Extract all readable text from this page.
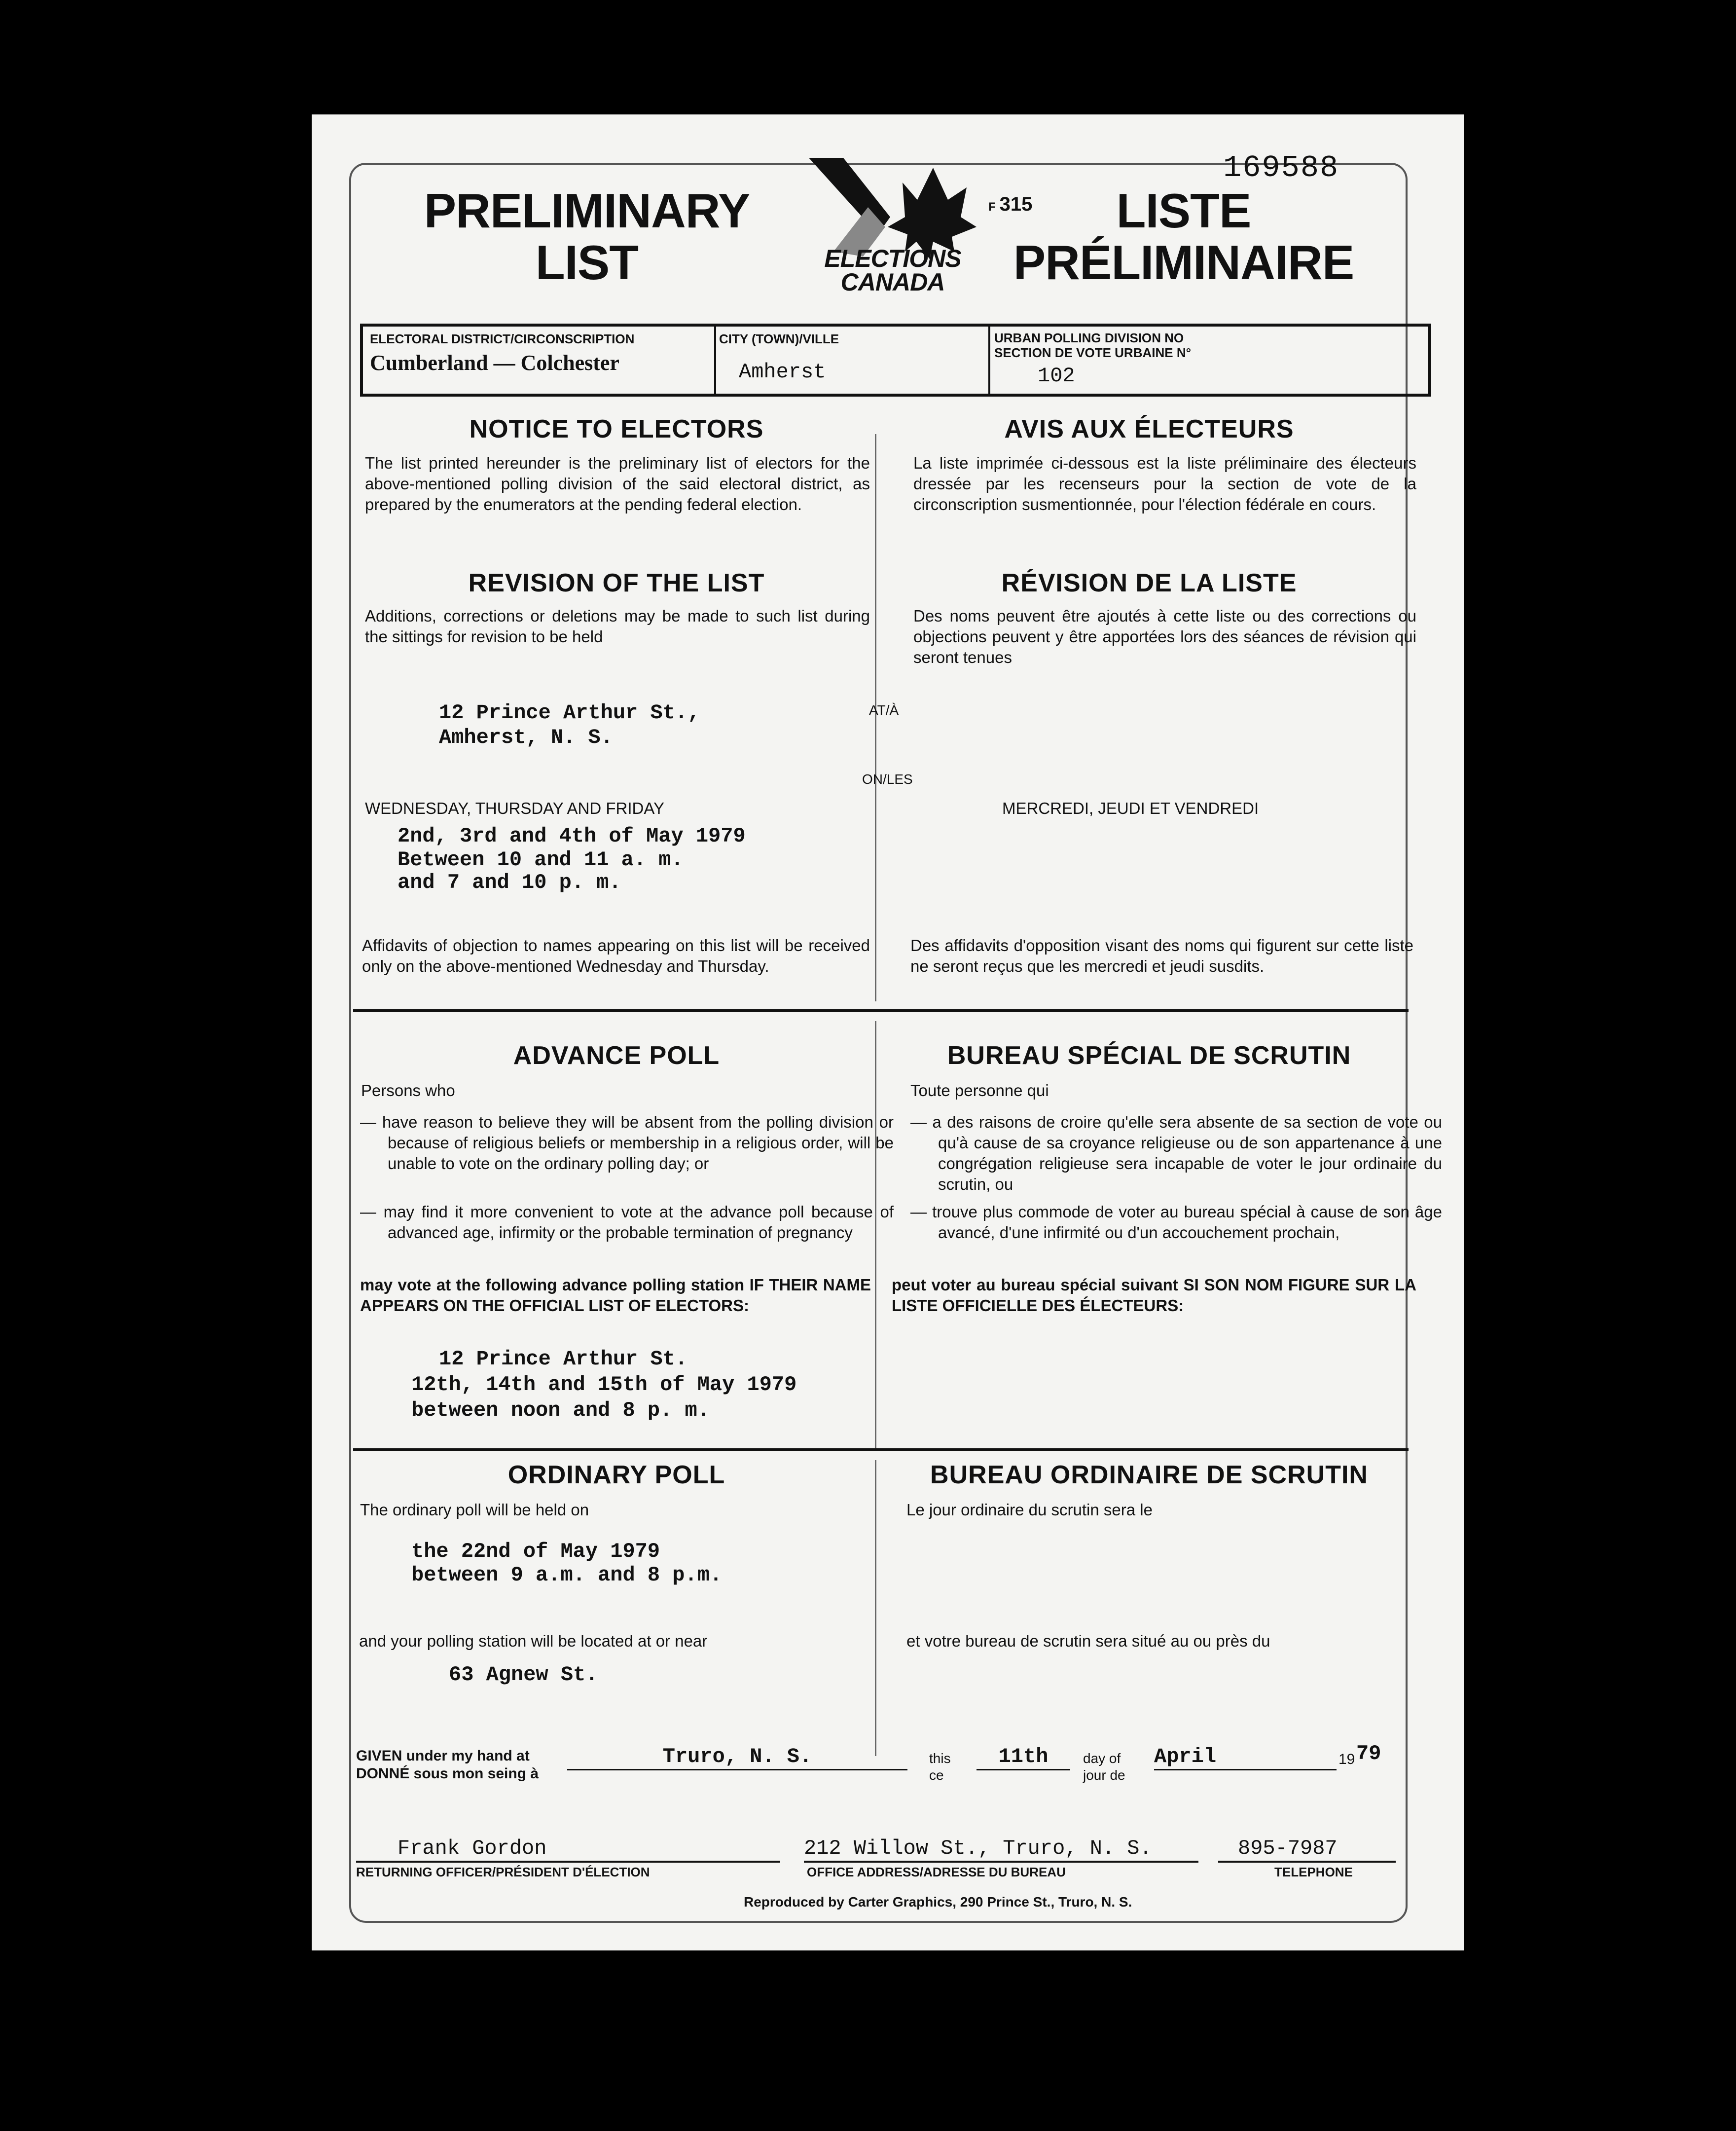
169588
F 315
PRELIMINARY
LIST
LISTE
PRÉLIMINAIRE
ELECTIONS
CANADA
ELECTORAL DISTRICT/CIRCONSCRIPTION
Cumberland — Colchester
CITY (TOWN)/VILLE
Amherst
URBAN POLLING DIVISION NO
SECTION DE VOTE URBAINE N°
102
NOTICE TO ELECTORS	AVIS AUX ÉLECTEURS
The list printed hereunder is the preliminary list of electors for the above-mentioned polling division of the said electoral district, as prepared by the enumerators at the pending federal election.
La liste imprimée ci-dessous est la liste préliminaire des électeurs dressée par les recenseurs pour la section de vote de la circonscription susmentionnée, pour l'élection fédérale en cours.
REVISION OF THE LIST	RÉVISION DE LA LISTE
Additions, corrections or deletions may be made to such list during the sittings for revision to be held
Des noms peuvent être ajoutés à cette liste ou des corrections ou objections peuvent y être apportées lors des séances de révision qui seront tenues
12 Prince Arthur St.,
Amherst, N. S.
AT/À
ON/LES
WEDNESDAY, THURSDAY AND FRIDAY	MERCREDI, JEUDI ET VENDREDI
2nd, 3rd and 4th of May 1979
Between 10 and 11 a. m.
and 7 and 10 p. m.
Affidavits of objection to names appearing on this list will be received only on the above-mentioned Wednesday and Thursday.
Des affidavits d'opposition visant des noms qui figurent sur cette liste ne seront reçus que les mercredi et jeudi susdits.
ADVANCE POLL	BUREAU SPÉCIAL DE SCRUTIN
Persons who	Toute personne qui
— have reason to believe they will be absent from the polling division or because of religious beliefs or membership in a religious order, will be unable to vote on the ordinary polling day; or
— may find it more convenient to vote at the advance poll because of advanced age, infirmity or the probable termination of pregnancy
— a des raisons de croire qu'elle sera absente de sa section de vote ou qu'à cause de sa croyance religieuse ou de son appartenance à une congrégation religieuse sera incapable de voter le jour ordinaire du scrutin, ou
— trouve plus commode de voter au bureau spécial à cause de son âge avancé, d'une infirmité ou d'un accouchement prochain,
may vote at the following advance polling station IF THEIR NAME APPEARS ON THE OFFICIAL LIST OF ELECTORS:
peut voter au bureau spécial suivant SI SON NOM FIGURE SUR LA LISTE OFFICIELLE DES ÉLECTEURS:
12 Prince Arthur St.
12th, 14th and 15th of May 1979
between noon and 8 p. m.
ORDINARY POLL	BUREAU ORDINAIRE DE SCRUTIN
The ordinary poll will be held on	Le jour ordinaire du scrutin sera le
the 22nd of May 1979
between 9 a.m. and 8 p.m.
and your polling station will be located at or near	et votre bureau de scrutin sera situé au ou près du
63 Agnew St.
GIVEN under my hand at
DONNÉ sous mon seing à
Truro, N. S.	this
ce
11th	day of
jour de
April	19 79
Frank Gordon
RETURNING OFFICER/PRÉSIDENT D'ÉLECTION
212 Willow St., Truro, N. S.
OFFICE ADDRESS/ADRESSE DU BUREAU
895-7987
TELEPHONE
Reproduced by Carter Graphics, 290 Prince St., Truro, N. S.
